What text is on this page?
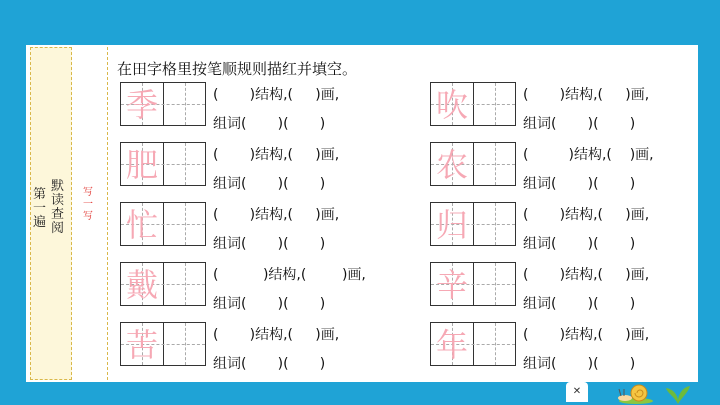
第
一
遍
默
读
查
阅
写
一
写
在田字格里按笔顺规则描红并填空。
季	(       )结构,(     )画,
组词(       )(       )
肥	(       )结构,(     )画,
组词(       )(       )
忙	(       )结构,(     )画,
组词(       )(       )
戴	(          )结构,(        )画,
组词(       )(       )
苦	(       )结构,(     )画,
组词(       )(       )
吹	(       )结构,(     )画,
组词(       )(       )
农	(         )结构,(    )画,
组词(       )(       )
归	(       )结构,(     )画,
组词(       )(       )
辛	(       )结构,(     )画,
组词(       )(       )
年	(       )结构,(     )画,
组词(       )(       )
✕
